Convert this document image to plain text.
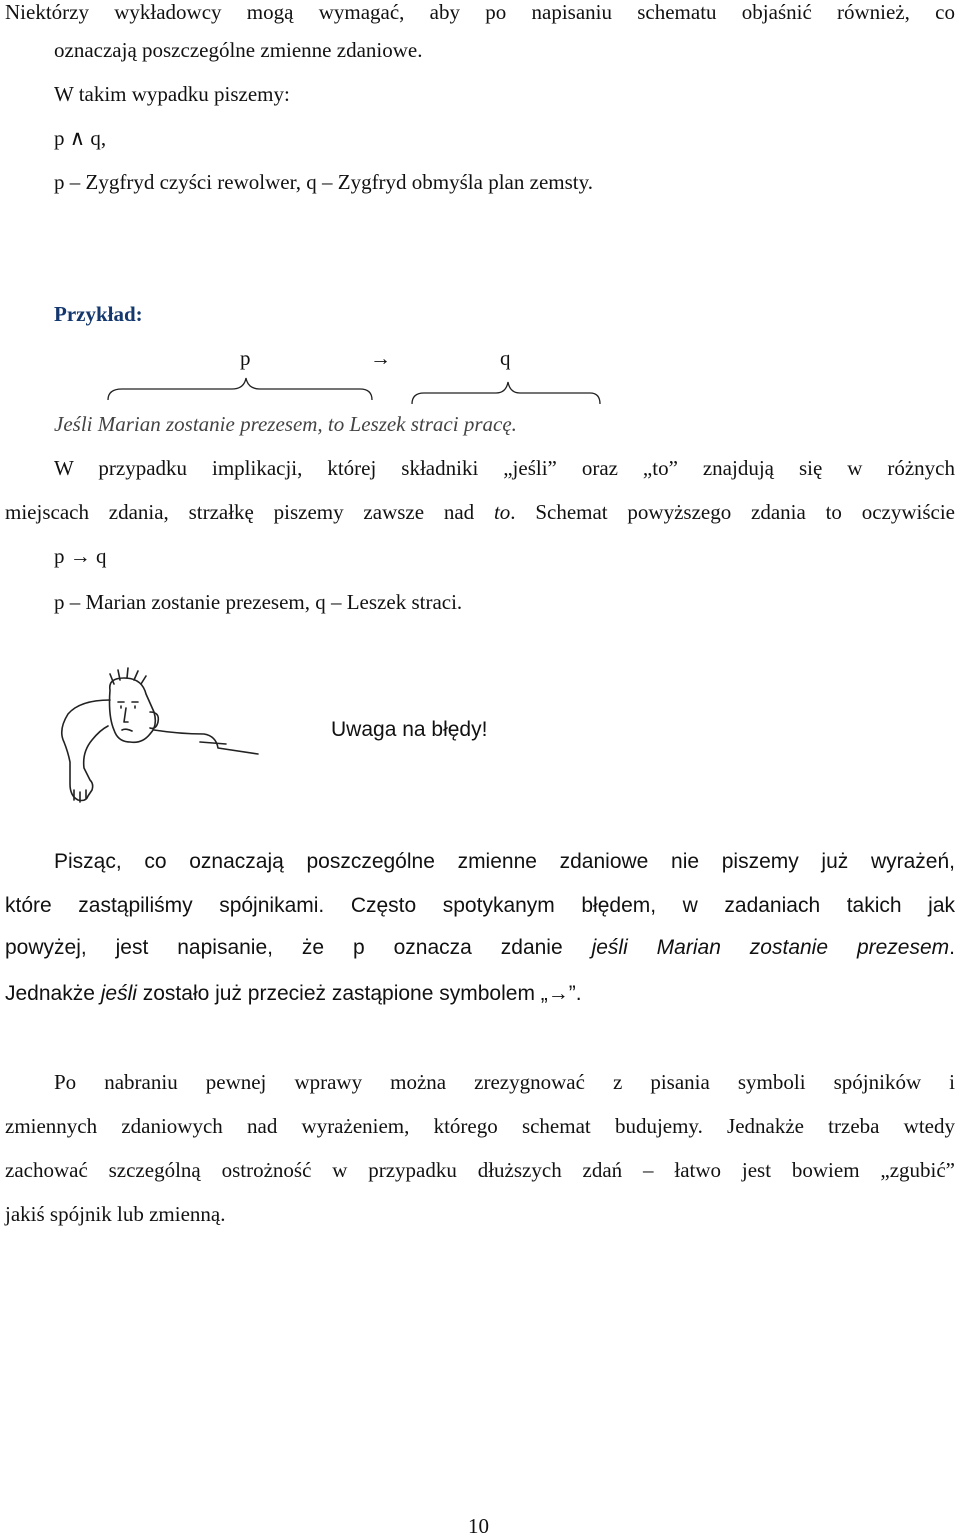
Niektórzy wykładowcy mogą wymagać, aby po napisaniu schematu objaśnić również, co
oznaczają poszczególne zmienne zdaniowe.
W takim wypadku piszemy:
p ∧ q,
p – Zygfryd czyści rewolwer, q – Zygfryd obmyśla plan zemsty.
Przykład:
p	→	q
Jeśli Marian zostanie prezesem, to Leszek straci pracę.
W przypadku implikacji, której składniki „jeśli” oraz „to” znajdują się w różnych
miejscach zdania, strzałkę piszemy zawsze nad to. Schemat powyższego zdania to oczywiście
p → q
p – Marian zostanie prezesem, q – Leszek straci.
Uwaga na błędy!
Pisząc, co oznaczają poszczególne zmienne zdaniowe nie piszemy już wyrażeń,
które zastąpiliśmy spójnikami. Często spotykanym błędem, w zadaniach takich jak
powyżej, jest napisanie, że p oznacza zdanie jeśli Marian zostanie prezesem.
Jednakże jeśli zostało już przecież zastąpione symbolem „→”.
Po nabraniu pewnej wprawy można zrezygnować z pisania symboli spójników i
zmiennych zdaniowych nad wyrażeniem, którego schemat budujemy. Jednakże trzeba wtedy
zachować szczególną ostrożność w przypadku dłuższych zdań – łatwo jest bowiem „zgubić”
jakiś spójnik lub zmienną.
10
